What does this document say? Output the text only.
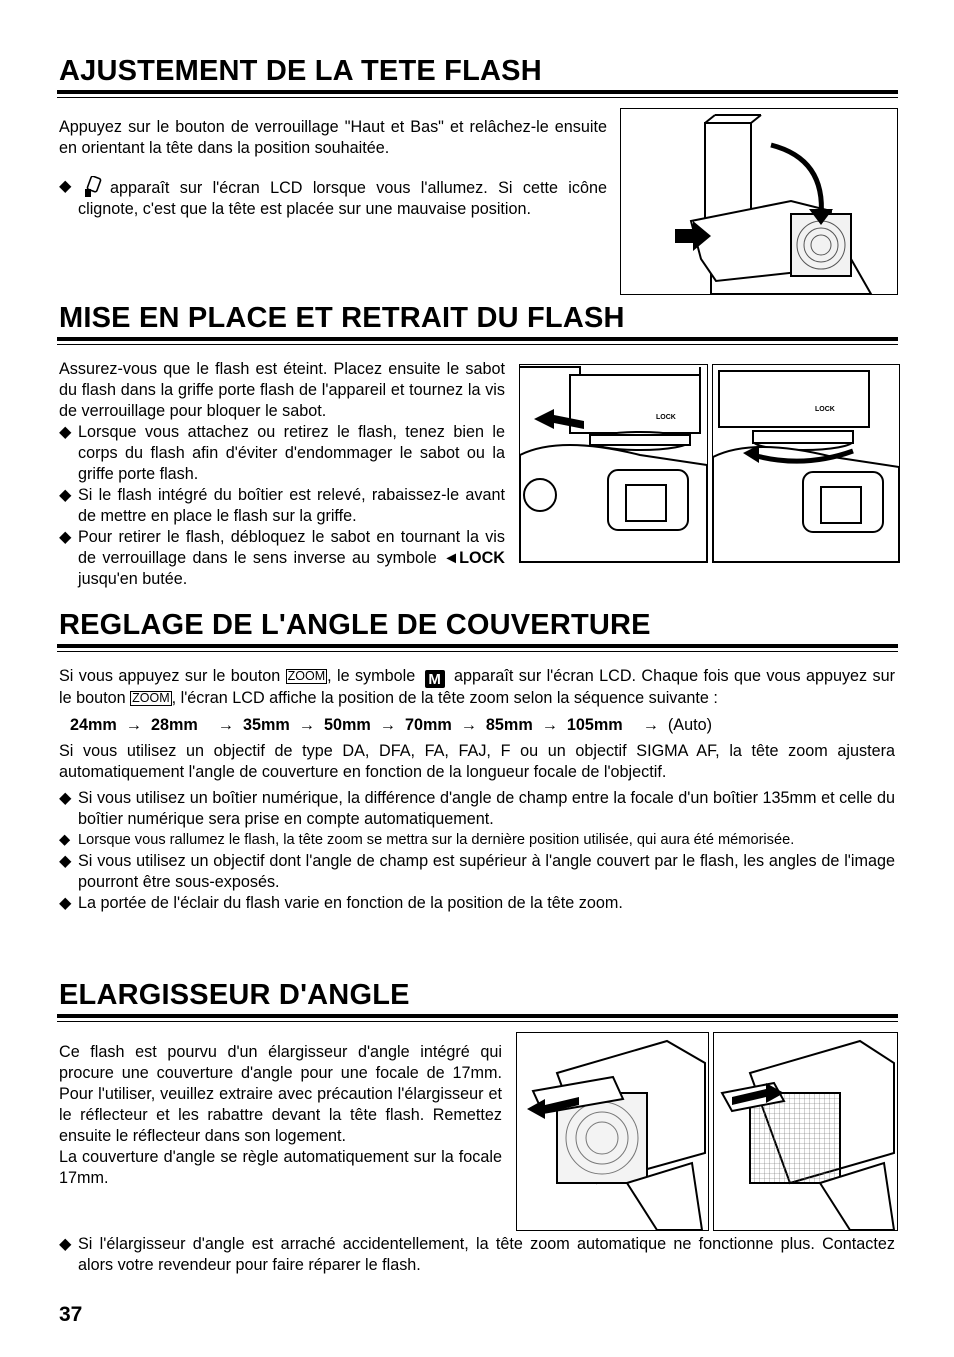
AJUSTEMENT DE LA TETE FLASH

Appuyez sur le bouton de verrouillage "Haut et Bas" et relâchez-le ensuite en orientant la tête dans la position souhaitée.

◆ apparaît sur l'écran LCD lorsque vous l'allumez. Si cette icône clignote, c'est que la tête est placée sur une mauvaise position.

MISE EN PLACE ET RETRAIT DU FLASH

Assurez-vous que le flash est éteint. Placez ensuite le sabot du flash dans la griffe porte flash de l'appareil et tournez la vis de verrouillage pour bloquer le sabot.

◆ Lorsque vous attachez ou retirez le flash, tenez bien le corps du flash afin d'éviter d'endommager le sabot ou la griffe porte flash.

◆ Si le flash intégré du boîtier est relevé, rabaissez-le avant de mettre en place le flash sur la griffe.

◆ Pour retirer le flash, débloquez le sabot en tournant la vis de verrouillage dans le sens inverse au symbole ◄LOCK jusqu'en butée.

LOCK
LOCK
REGLAGE DE L'ANGLE DE COUVERTURE

Si vous appuyez sur le bouton ZOOM , le symbole M apparaît sur l'écran LCD. Chaque fois que vous appuyez sur le bouton ZOOM , l'écran LCD affiche la position de la tête zoom selon la séquence suivante :

24mm → 28mm → 35mm → 50mm → 70mm → 85mm → 105mm → (Auto)

Si vous utilisez un objectif de type DA, DFA, FA, FAJ, F ou un objectif SIGMA AF, la tête zoom ajustera automatiquement l'angle de couverture en fonction de la longueur focale de l'objectif.

◆ Si vous utilisez un boîtier numérique, la différence d'angle de champ entre la focale d'un boîtier 135mm et celle du boîtier numérique sera prise en compte automatiquement.

◆ Lorsque vous rallumez le flash, la tête zoom se mettra sur la dernière position utilisée, qui aura été mémorisée.

◆ Si vous utilisez un objectif dont l'angle de champ est supérieur à l'angle couvert par le flash, les angles de l'image pourront être sous-exposés.

◆ La portée de l'éclair du flash varie en fonction de la position de la tête zoom.

ELARGISSEUR D'ANGLE

Ce flash est pourvu d'un élargisseur d'angle intégré qui procure une couverture d'angle pour une focale de 17mm. Pour l'utiliser, veuillez extraire avec précaution l'élargisseur et le réflecteur et les rabattre devant la tête flash. Remettez ensuite le réflecteur dans son logement.

La couverture d'angle se règle automatiquement sur la focale 17mm.

◆ Si l'élargisseur d'angle est arraché accidentellement, la tête zoom automatique ne fonctionne plus. Contactez alors votre revendeur pour faire réparer le flash.

37
